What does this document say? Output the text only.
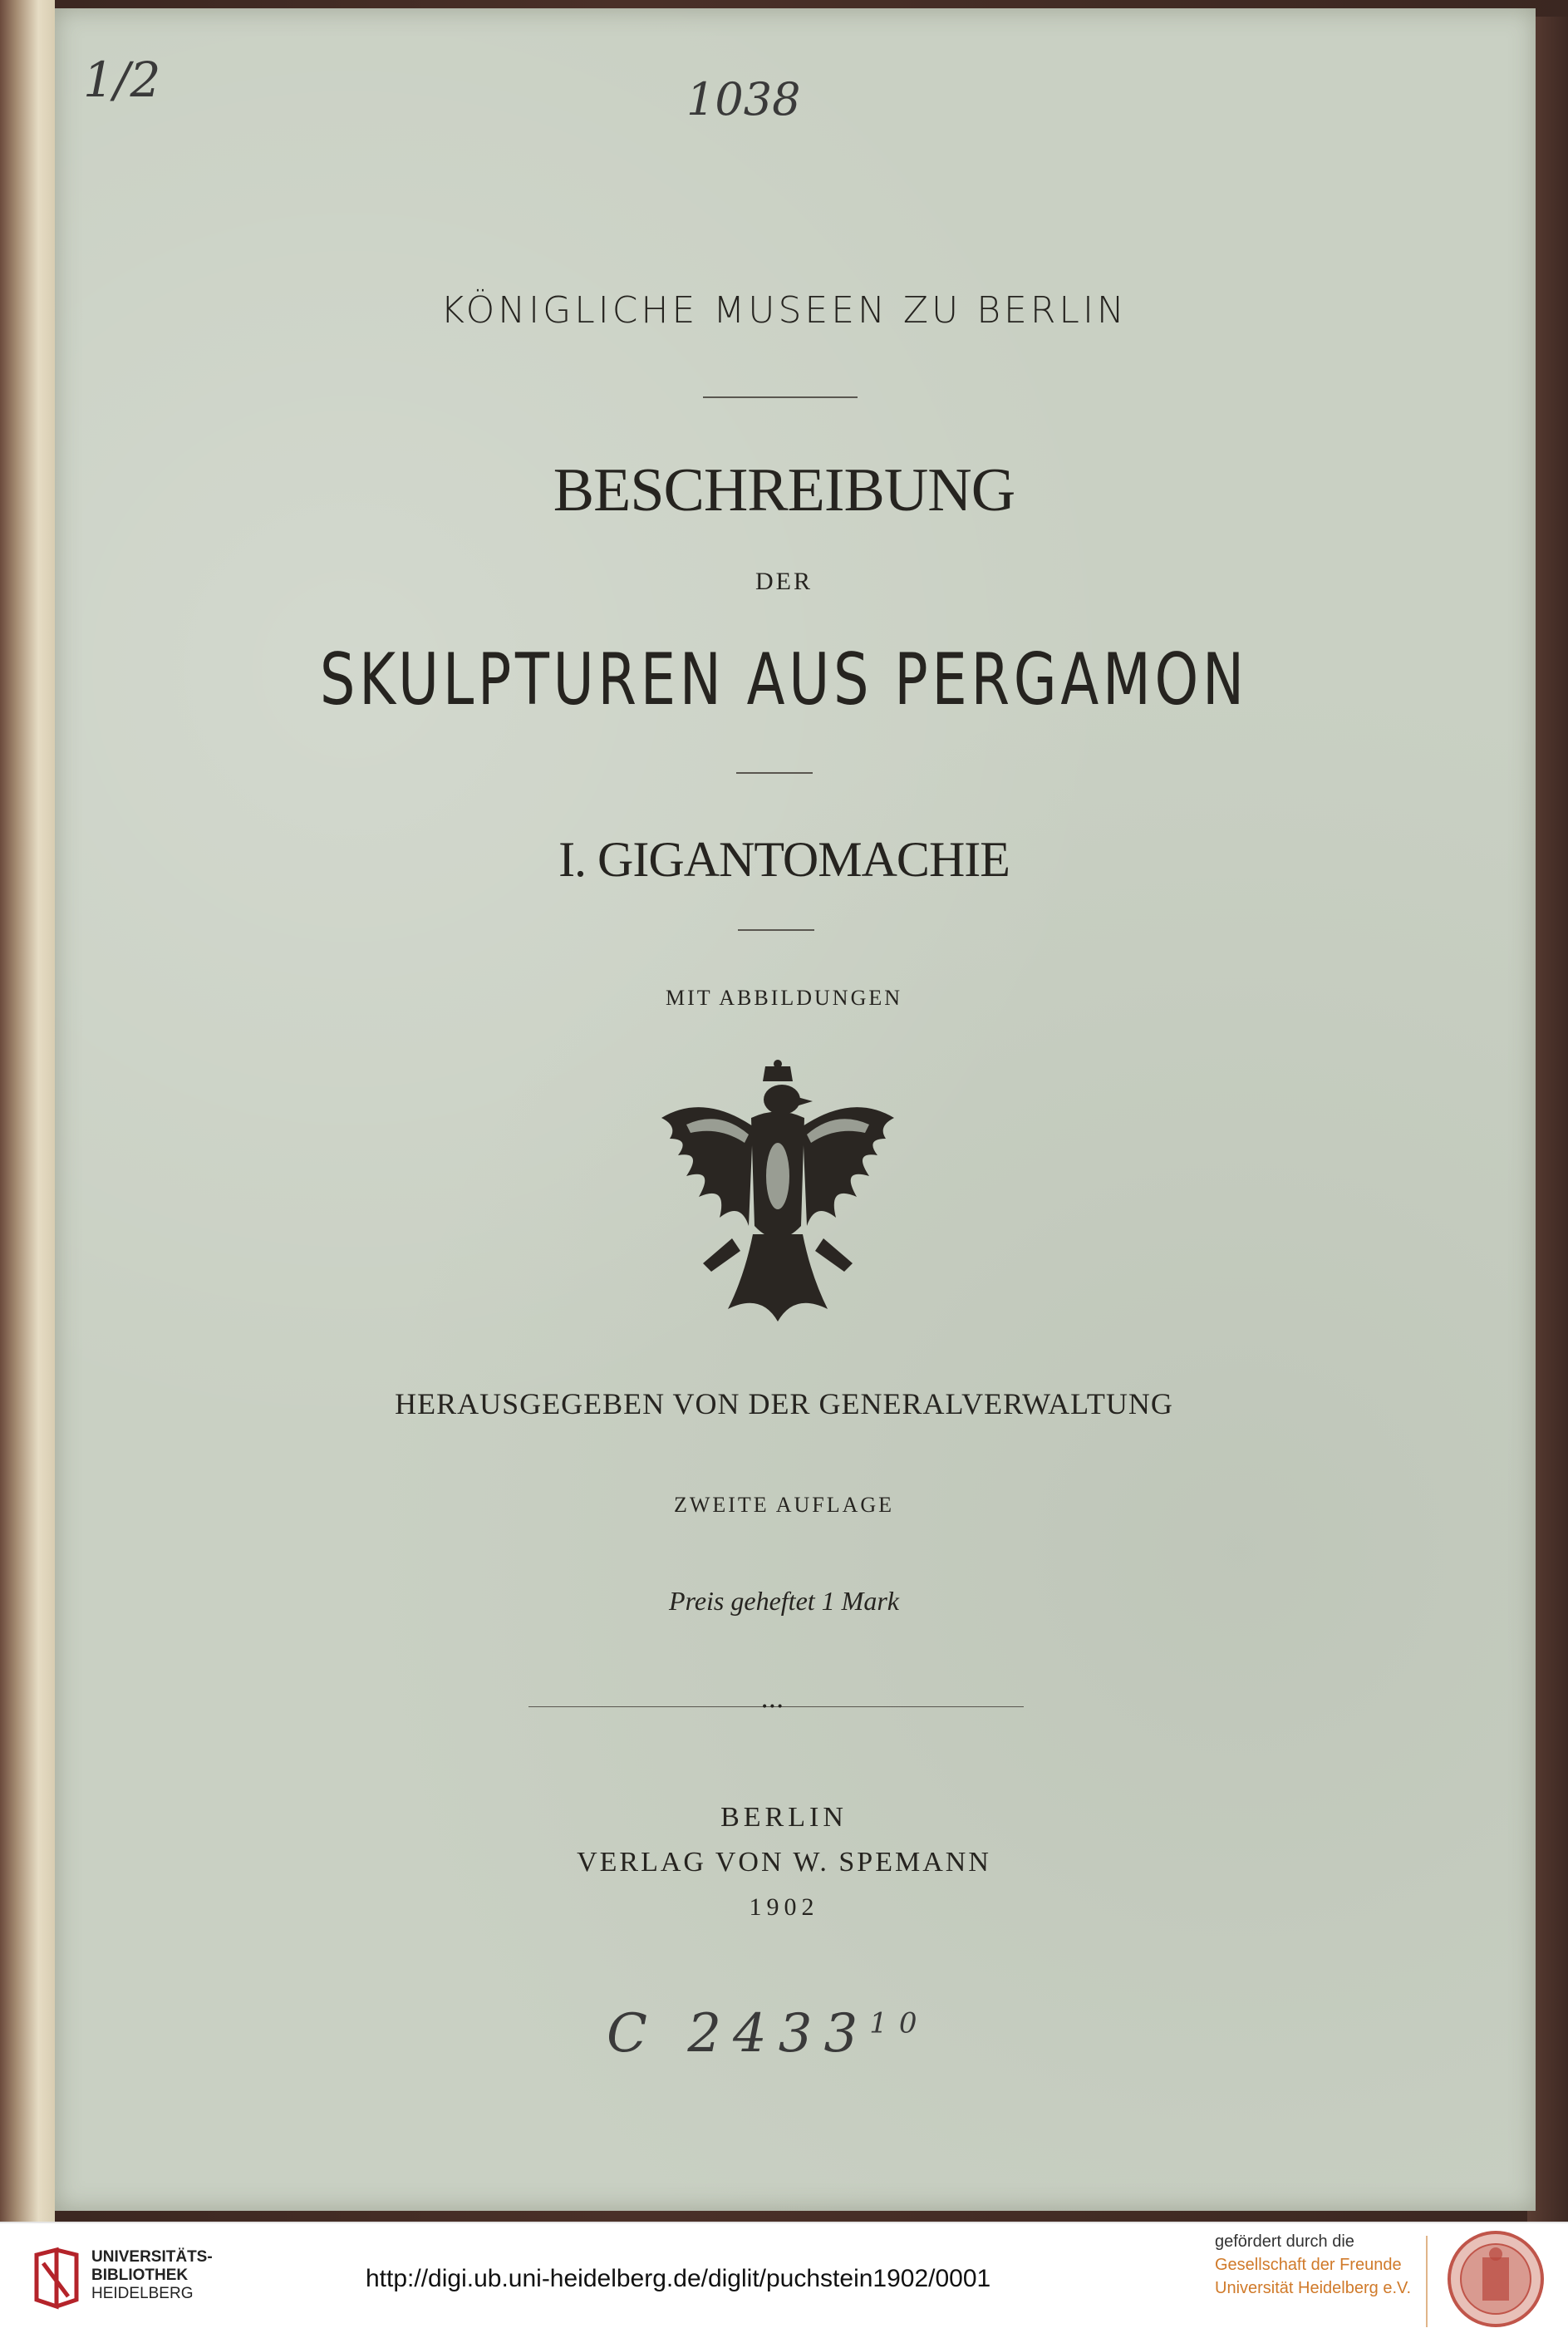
1/2	1038
C 2433$^{10}$
KÖNIGLICHE MUSEEN ZU BERLIN
BESCHREIBUNG
DER
SKULPTUREN AUS PERGAMON
I. GIGANTOMACHIE
MIT ABBILDUNGEN
HERAUSGEGEBEN VON DER GENERALVERWALTUNG
ZWEITE AUFLAGE
Preis geheftet 1 Mark
•••
BERLIN
VERLAG VON W. SPEMANN
1902
UNIVERSITÄTS-
BIBLIOTHEK
HEIDELBERG
http://digi.ub.uni-heidelberg.de/diglit/puchstein1902/0001
gefördert durch die
Gesellschaft der Freunde
Universität Heidelberg e.V.
